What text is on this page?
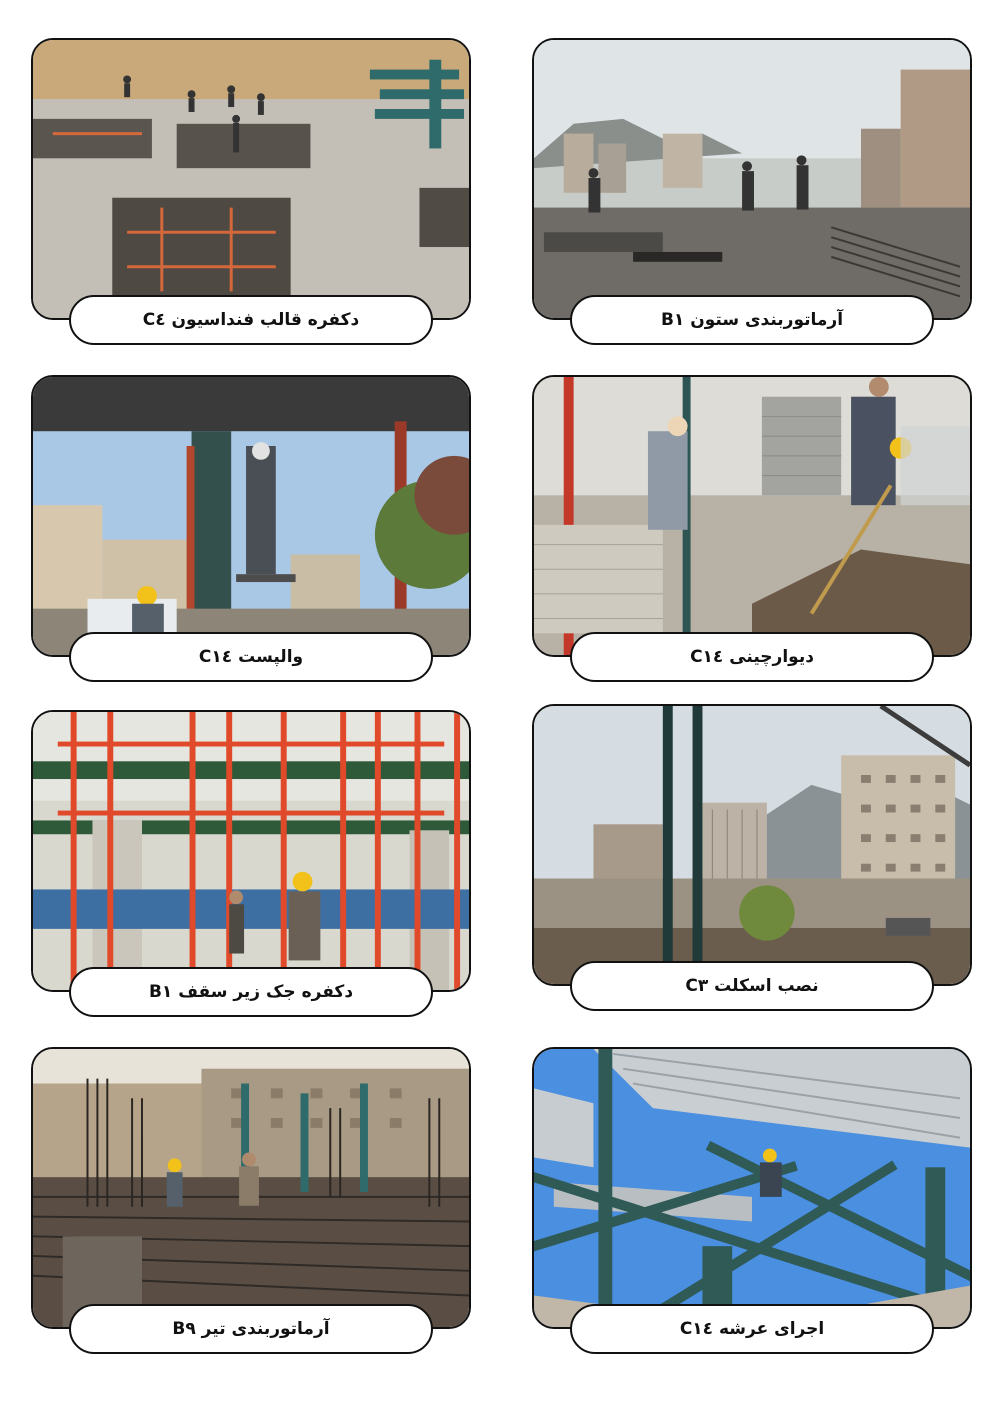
دکفره قالب فنداسیون C٤	آرماتوربندی ستون B١
والپست C١٤	دیوارچینی C١٤
دکفره جک زیر سقف B١	نصب اسکلت C٣
آرماتوربندی تیر B٩	اجرای عرشه C١٤
